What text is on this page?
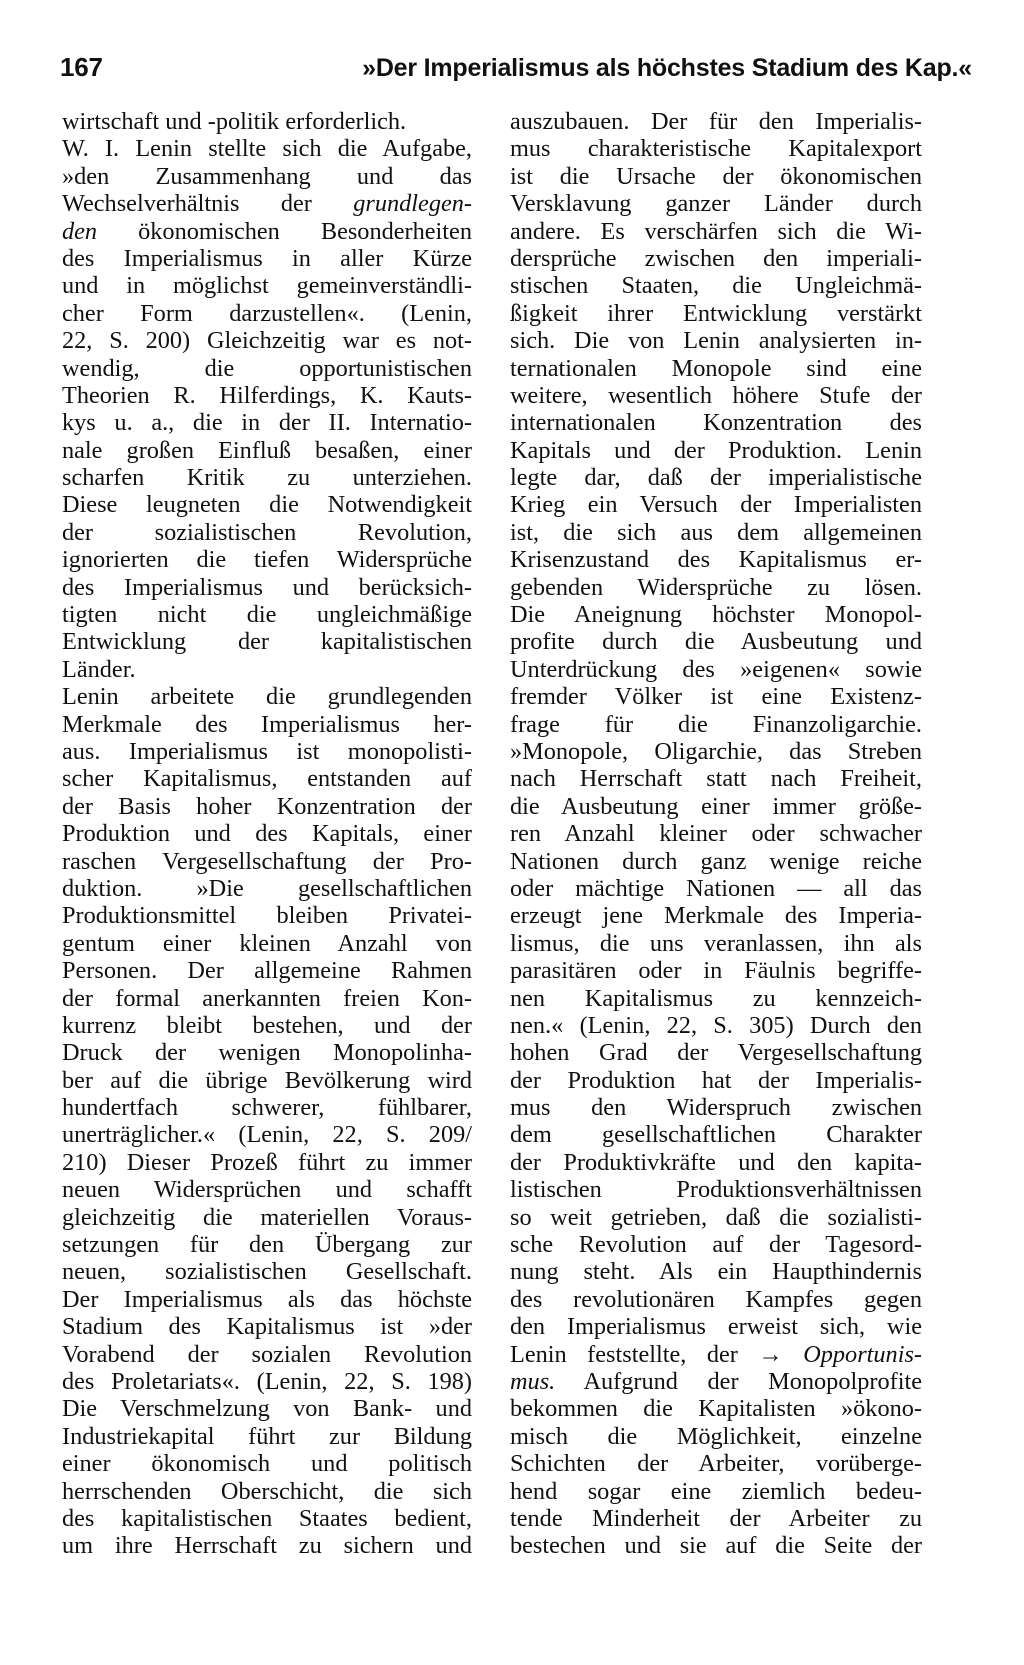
167	»Der Imperialismus als höchstes Stadium des Kap.«
wirtschaft und -politik erforderlich.
W. I. Lenin stellte sich die Aufgabe,
»den Zusammenhang und das
Wechselverhältnis der grundlegen-
den ökonomischen Besonderheiten
des Imperialismus in aller Kürze
und in möglichst gemeinverständli-
cher Form darzustellen«. (Lenin,
22, S. 200) Gleichzeitig war es not-
wendig, die opportunistischen
Theorien R. Hilferdings, K. Kauts-
kys u. a., die in der II. Internatio-
nale großen Einfluß besaßen, einer
scharfen Kritik zu unterziehen.
Diese leugneten die Notwendigkeit
der sozialistischen Revolution,
ignorierten die tiefen Widersprüche
des Imperialismus und berücksich-
tigten nicht die ungleichmäßige
Entwicklung der kapitalistischen
Länder.
Lenin arbeitete die grundlegenden
Merkmale des Imperialismus her-
aus. Imperialismus ist monopolisti-
scher Kapitalismus, entstanden auf
der Basis hoher Konzentration der
Produktion und des Kapitals, einer
raschen Vergesellschaftung der Pro-
duktion. »Die gesellschaftlichen
Produktionsmittel bleiben Privatei-
gentum einer kleinen Anzahl von
Personen. Der allgemeine Rahmen
der formal anerkannten freien Kon-
kurrenz bleibt bestehen, und der
Druck der wenigen Monopolinha-
ber auf die übrige Bevölkerung wird
hundertfach schwerer, fühlbarer,
unerträglicher.« (Lenin, 22, S. 209/
210) Dieser Prozeß führt zu immer
neuen Widersprüchen und schafft
gleichzeitig die materiellen Voraus-
setzungen für den Übergang zur
neuen, sozialistischen Gesellschaft.
Der Imperialismus als das höchste
Stadium des Kapitalismus ist »der
Vorabend der sozialen Revolution
des Proletariats«. (Lenin, 22, S. 198)
Die Verschmelzung von Bank- und
Industriekapital führt zur Bildung
einer ökonomisch und politisch
herrschenden Oberschicht, die sich
des kapitalistischen Staates bedient,
um ihre Herrschaft zu sichern und
auszubauen. Der für den Imperialis-
mus charakteristische Kapitalexport
ist die Ursache der ökonomischen
Versklavung ganzer Länder durch
andere. Es verschärfen sich die Wi-
dersprüche zwischen den imperiali-
stischen Staaten, die Ungleichmä-
ßigkeit ihrer Entwicklung verstärkt
sich. Die von Lenin analysierten in-
ternationalen Monopole sind eine
weitere, wesentlich höhere Stufe der
internationalen Konzentration des
Kapitals und der Produktion. Lenin
legte dar, daß der imperialistische
Krieg ein Versuch der Imperialisten
ist, die sich aus dem allgemeinen
Krisenzustand des Kapitalismus er-
gebenden Widersprüche zu lösen.
Die Aneignung höchster Monopol-
profite durch die Ausbeutung und
Unterdrückung des »eigenen« sowie
fremder Völker ist eine Existenz-
frage für die Finanzoligarchie.
»Monopole, Oligarchie, das Streben
nach Herrschaft statt nach Freiheit,
die Ausbeutung einer immer größe-
ren Anzahl kleiner oder schwacher
Nationen durch ganz wenige reiche
oder mächtige Nationen — all das
erzeugt jene Merkmale des Imperia-
lismus, die uns veranlassen, ihn als
parasitären oder in Fäulnis begriffe-
nen Kapitalismus zu kennzeich-
nen.« (Lenin, 22, S. 305) Durch den
hohen Grad der Vergesellschaftung
der Produktion hat der Imperialis-
mus den Widerspruch zwischen
dem gesellschaftlichen Charakter
der Produktivkräfte und den kapita-
listischen Produktionsverhältnissen
so weit getrieben, daß die sozialisti-
sche Revolution auf der Tagesord-
nung steht. Als ein Haupthindernis
des revolutionären Kampfes gegen
den Imperialismus erweist sich, wie
Lenin feststellte, der → Opportunis-
mus. Aufgrund der Monopolprofite
bekommen die Kapitalisten »ökono-
misch die Möglichkeit, einzelne
Schichten der Arbeiter, vorüberge-
hend sogar eine ziemlich bedeu-
tende Minderheit der Arbeiter zu
bestechen und sie auf die Seite der
